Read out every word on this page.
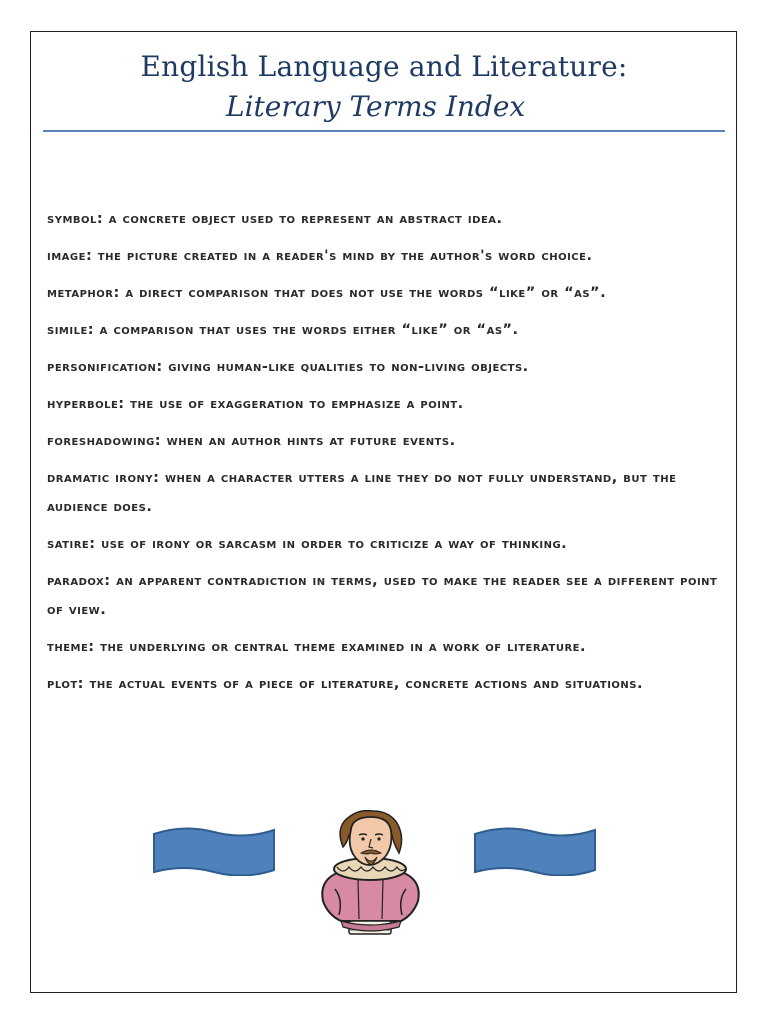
English Language and Literature:
Literary Terms Index
symbol: a concrete object used to represent an abstract idea.
image: the picture created in a reader's mind by the author's word choice.
metaphor: a direct comparison that does not use the words “like” or “as”.
simile: a comparison that uses the words either “like” or “as”.
personification: giving human-like qualities to non-living objects.
hyperbole: the use of exaggeration to emphasize a point.
foreshadowing: when an author hints at future events.
dramatic irony: when a character utters a line they do not fully understand, but the audience does.
satire: use of irony or sarcasm in order to criticize a way of thinking.
paradox: an apparent contradiction in terms, used to make the reader see a different point of view.
theme: the underlying or central theme examined in a work of literature.
plot: the actual events of a piece of literature, concrete actions and situations.
